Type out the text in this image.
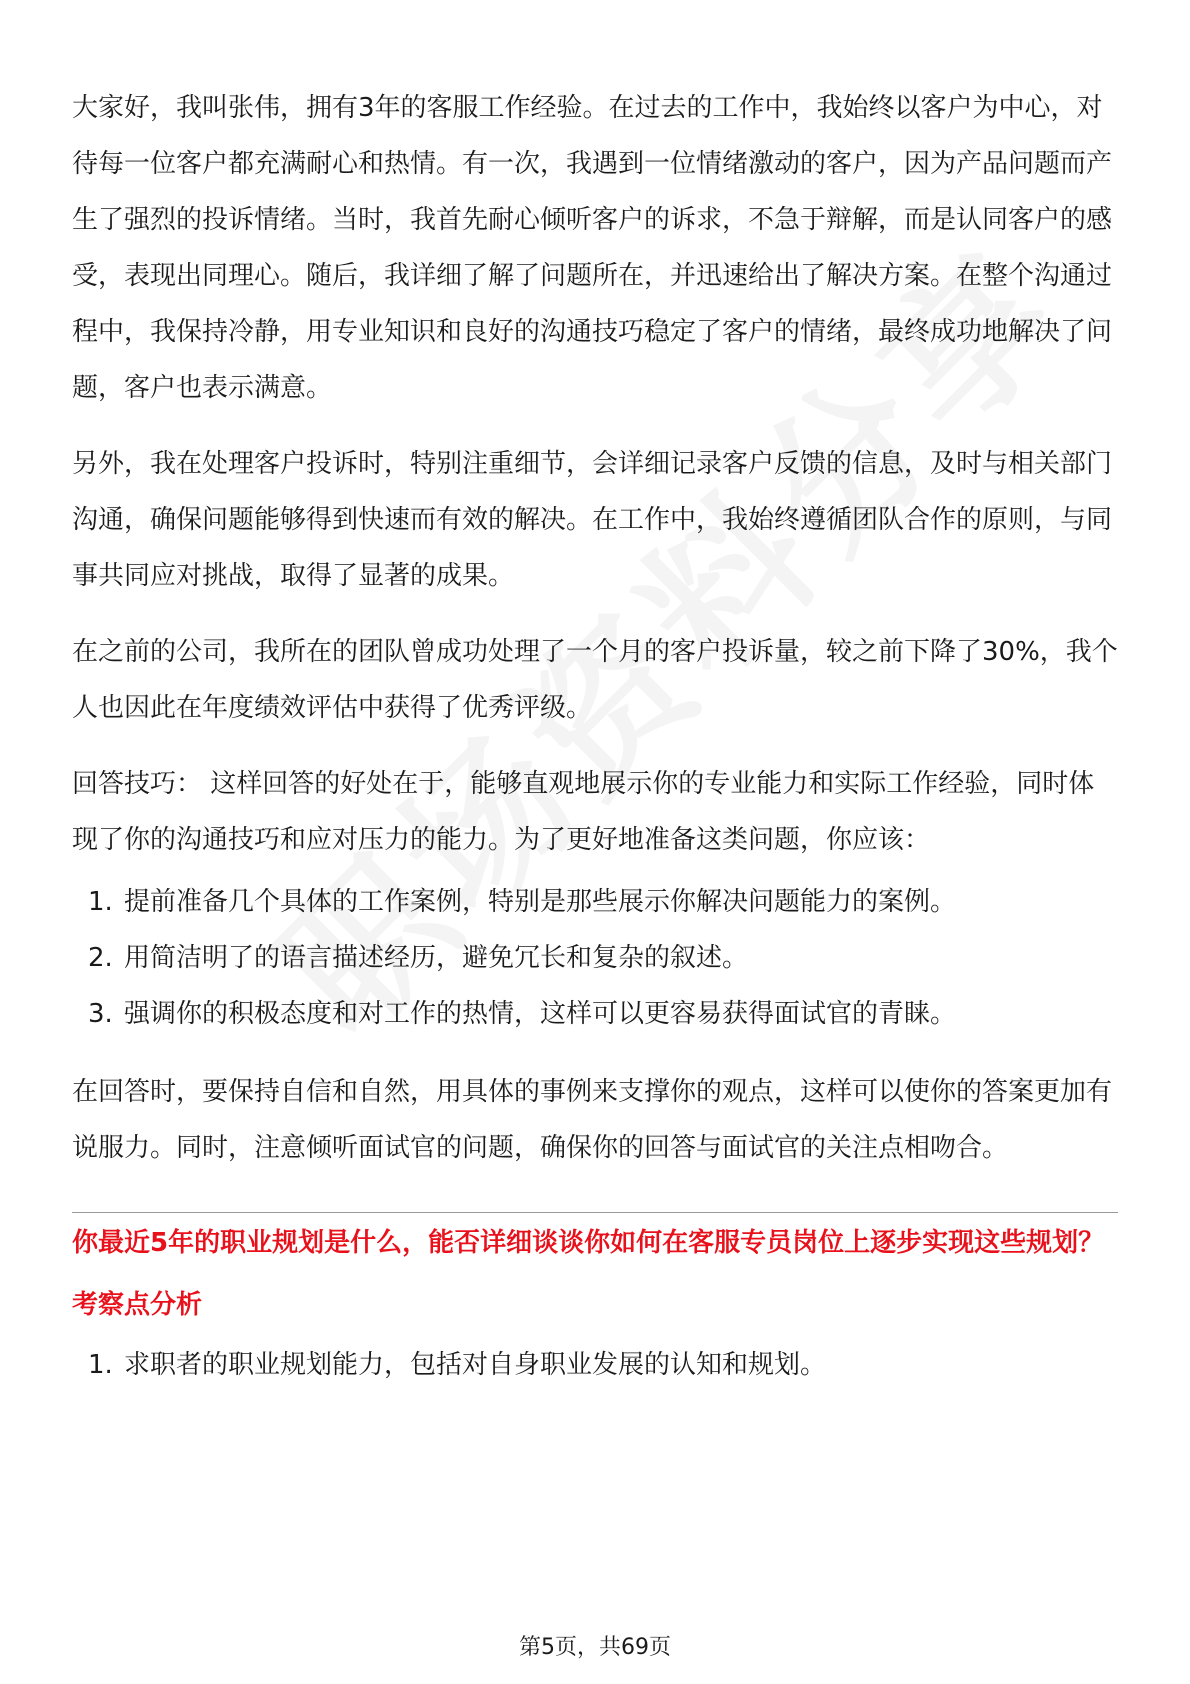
大家好，我叫张伟，拥有3年的客服工作经验。在过去的工作中，我始终以客户为中心，对待每一位客户都充满耐心和热情。有一次，我遇到一位情绪激动的客户，因为产品问题而产生了强烈的投诉情绪。当时，我首先耐心倾听客户的诉求，不急于辩解，而是认同客户的感受，表现出同理心。随后，我详细了解了问题所在，并迅速给出了解决方案。在整个沟通过程中，我保持冷静，用专业知识和良好的沟通技巧稳定了客户的情绪，最终成功地解决了问题，客户也表示满意。

另外，我在处理客户投诉时，特别注重细节，会详细记录客户反馈的信息，及时与相关部门沟通，确保问题能够得到快速而有效的解决。在工作中，我始终遵循团队合作的原则，与同事共同应对挑战，取得了显著的成果。

在之前的公司，我所在的团队曾成功处理了一个月的客户投诉量，较之前下降了30%，我个人也因此在年度绩效评估中获得了优秀评级。

回答技巧： 这样回答的好处在于，能够直观地展示你的专业能力和实际工作经验，同时体现了你的沟通技巧和应对压力的能力。为了更好地准备这类问题，你应该：

1. 提前准备几个具体的工作案例，特别是那些展示你解决问题能力的案例。
2. 用简洁明了的语言描述经历，避免冗长和复杂的叙述。
3. 强调你的积极态度和对工作的热情，这样可以更容易获得面试官的青睐。

在回答时，要保持自信和自然，用具体的事例来支撑你的观点，这样可以使你的答案更加有说服力。同时，注意倾听面试官的问题，确保你的回答与面试官的关注点相吻合。

你最近5年的职业规划是什么，能否详细谈谈你如何在客服专员岗位上逐步实现这些规划？

考察点分析

1. 求职者的职业规划能力，包括对自身职业发展的认知和规划。
第5页，共69页
